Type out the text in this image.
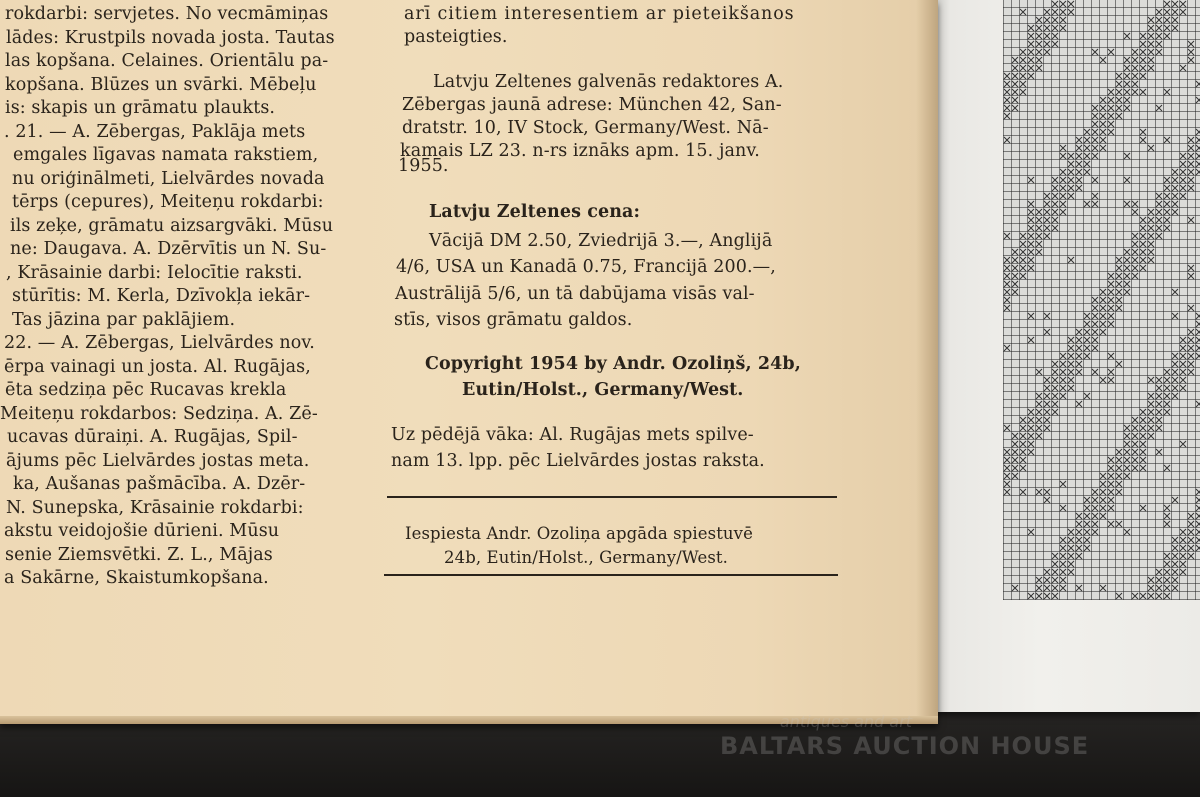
rokdarbi: servjetes. No vecmāmiņas
lādes: Krustpils novada josta. Tautas
las kopšana. Celaines. Orientālu pa-
kopšana. Blūzes un svārki. Mēbeļu
is: skapis un grāmatu plaukts.
. 21. — A. Zēbergas, Paklāja mets
emgales līgavas namata rakstiem,
nu oriģinālmeti, Lielvārdes novada
tērps (cepures), Meiteņu rokdarbi:
ils zeķe, grāmatu aizsargvāki. Mūsu
ne: Daugava. A. Dzērvītis un N. Su-
, Krāsainie darbi: Ielocītie raksti.
stūrītis: M. Kerla, Dzīvokļa iekār-
Tas jāzina par paklājiem.
22. — A. Zēbergas, Lielvārdes nov.
ērpa vainagi un josta. Al. Rugājas,
ēta sedziņa pēc Rucavas krekla
Meiteņu rokdarbos: Sedziņa. A. Zē-
ucavas dūraiņi. A. Rugājas, Spil-
ājums pēc Lielvārdes jostas meta.
ka, Aušanas pašmācība. A. Dzēr-
N. Sunepska, Krāsainie rokdarbi:
akstu veidojošie dūrieni. Mūsu
senie Ziemsvētki. Z. L., Mājas
a Sakārne, Skaistumkopšana.
arī citiem interesentiem ar pieteikšanos
pasteigties.
Latvju Zeltenes galvenās redaktores A.
Zēbergas jaunā adrese: München 42, San-
dratstr. 10, IV Stock, Germany/West. Nā-
kamais LZ 23. n-rs iznāks apm. 15. janv.
1955.
Latvju Zeltenes cena:
Vācijā DM 2.50, Zviedrijā 3.—, Anglijā
4/6, USA un Kanadā 0.75, Francijā 200.—,
Austrālijā 5/6, un tā dabūjama visās val-
stīs, visos grāmatu galdos.
Copyright 1954 by Andr. Ozoliņš, 24b,
Eutin/Holst., Germany/West.
Uz pēdējā vāka: Al. Rugājas mets spilve-
nam 13. lpp. pēc Lielvārdes jostas raksta.
Iespiesta Andr. Ozoliņa apgāda spiestuvē
24b, Eutin/Holst., Germany/West.
antiques and art
BALTARS AUCTION HOUSE
